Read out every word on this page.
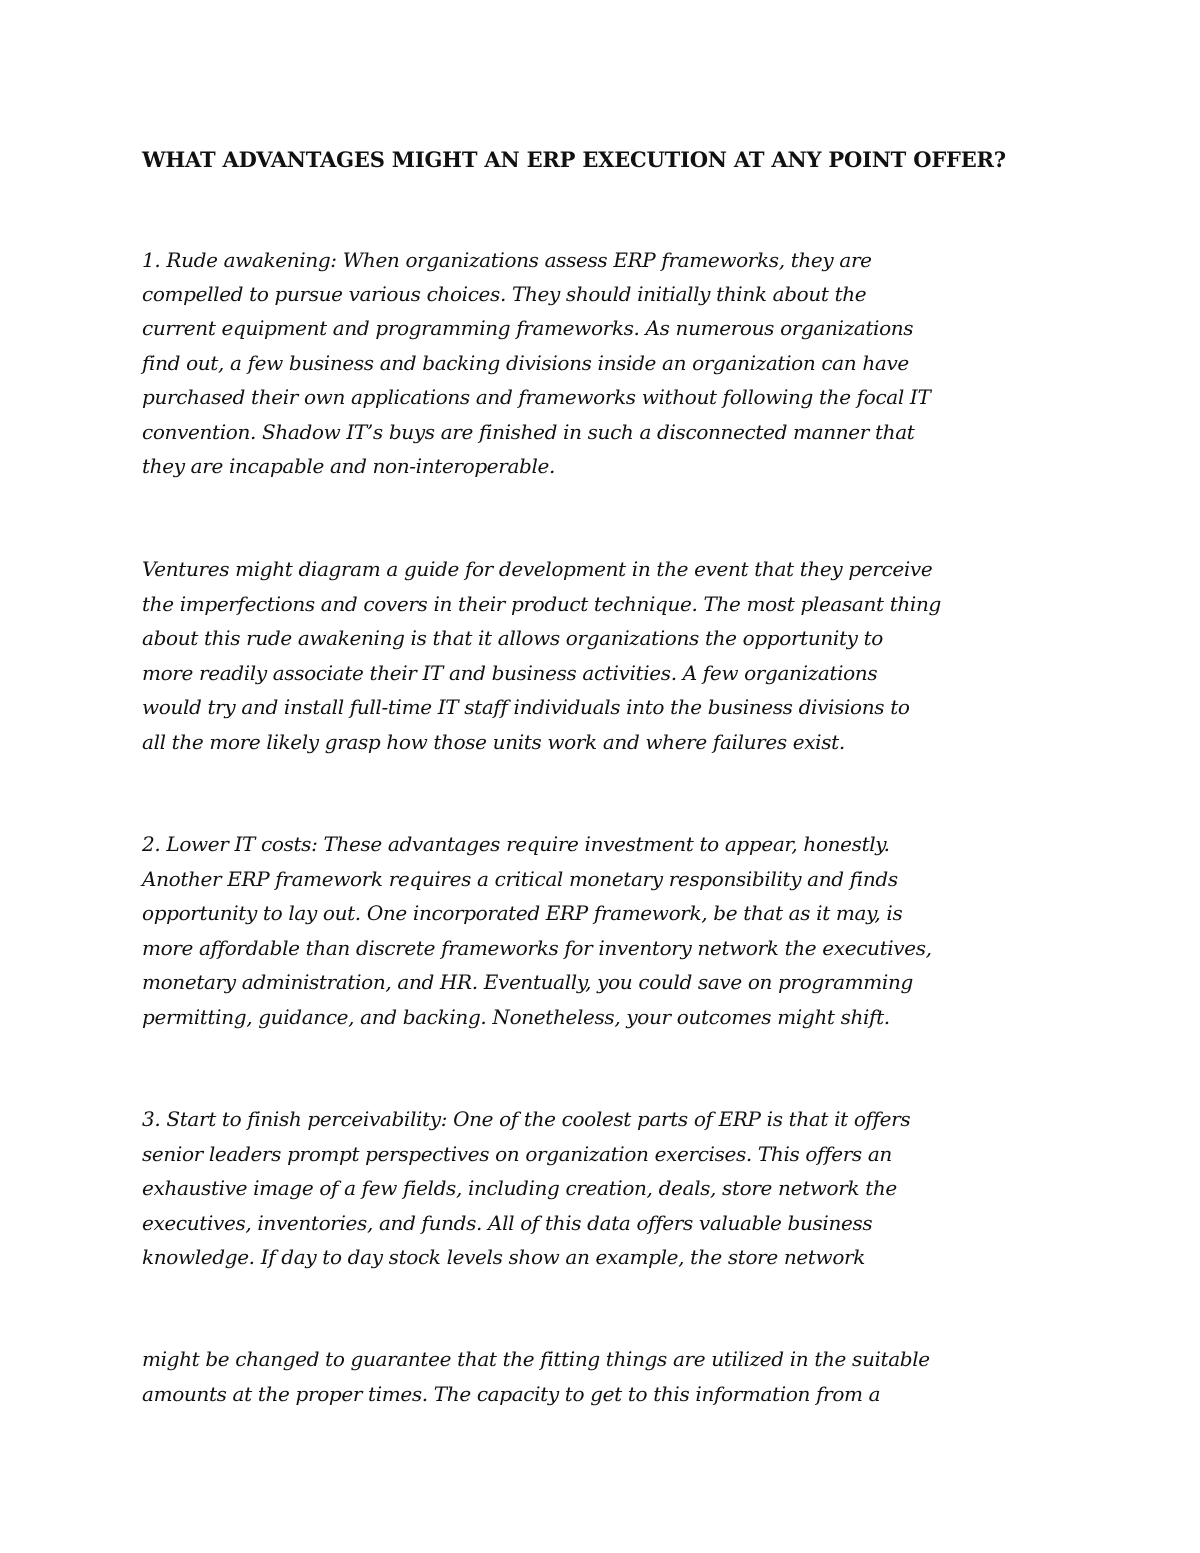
WHAT ADVANTAGES MIGHT AN ERP EXECUTION AT ANY POINT OFFER?

1. Rude awakening: When organizations assess ERP frameworks, they are

compelled to pursue various choices. They should initially think about the

current equipment and programming frameworks. As numerous organizations

find out, a few business and backing divisions inside an organization can have

purchased their own applications and frameworks without following the focal IT

convention. Shadow IT’s buys are finished in such a disconnected manner that

they are incapable and non-interoperable.

Ventures might diagram a guide for development in the event that they perceive

the imperfections and covers in their product technique. The most pleasant thing

about this rude awakening is that it allows organizations the opportunity to

more readily associate their IT and business activities. A few organizations

would try and install full-time IT staff individuals into the business divisions to

all the more likely grasp how those units work and where failures exist.

2. Lower IT costs: These advantages require investment to appear, honestly.

Another ERP framework requires a critical monetary responsibility and finds

opportunity to lay out. One incorporated ERP framework, be that as it may, is

more affordable than discrete frameworks for inventory network the executives,

monetary administration, and HR. Eventually, you could save on programming

permitting, guidance, and backing. Nonetheless, your outcomes might shift.

3. Start to finish perceivability: One of the coolest parts of ERP is that it offers

senior leaders prompt perspectives on organization exercises. This offers an

exhaustive image of a few fields, including creation, deals, store network the

executives, inventories, and funds. All of this data offers valuable business

knowledge. If day to day stock levels show an example, the store network

might be changed to guarantee that the fitting things are utilized in the suitable

amounts at the proper times. The capacity to get to this information from a
